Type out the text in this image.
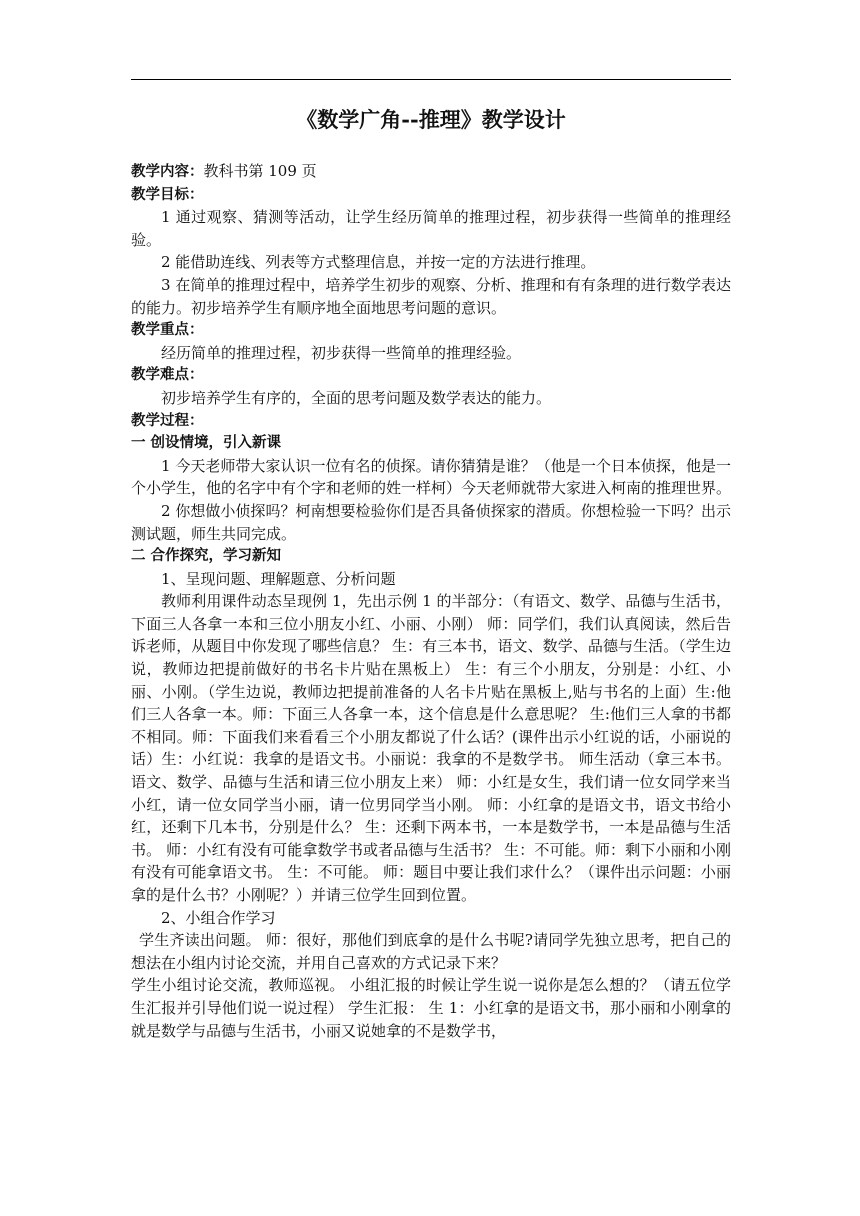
《数学广角--推理》教学设计

教学内容：教科书第 109 页

教学目标：

1 通过观察、猜测等活动，让学生经历简单的推理过程，初步获得一些简单的推理经验。

2 能借助连线、列表等方式整理信息，并按一定的方法进行推理。

3 在简单的推理过程中，培养学生初步的观察、分析、推理和有有条理的进行数学表达的能力。初步培养学生有顺序地全面地思考问题的意识。

教学重点：

经历简单的推理过程，初步获得一些简单的推理经验。

教学难点：

初步培养学生有序的，全面的思考问题及数学表达的能力。

教学过程：

一 创设情境，引入新课

1 今天老师带大家认识一位有名的侦探。请你猜猜是谁？（他是一个日本侦探，他是一个小学生，他的名字中有个字和老师的姓一样柯）今天老师就带大家进入柯南的推理世界。

2 你想做小侦探吗？柯南想要检验你们是否具备侦探家的潜质。你想检验一下吗？出示测试题，师生共同完成。

二 合作探究，学习新知

1、呈现问题、理解题意、分析问题

教师利用课件动态呈现例 1，先出示例 1 的半部分：（有语文、数学、品德与生活书，下面三人各拿一本和三位小朋友小红、小丽、小刚） 师：同学们，我们认真阅读，然后告诉老师，从题目中你发现了哪些信息？ 生：有三本书，语文、数学、品德与生活。（学生边说，教师边把提前做好的书名卡片贴在黑板上） 生：有三个小朋友，分别是：小红、小丽、小刚。（学生边说，教师边把提前准备的人名卡片贴在黑板上,贴与书名的上面）生:他们三人各拿一本。师：下面三人各拿一本，这个信息是什么意思呢？ 生:他们三人拿的书都不相同。师：下面我们来看看三个小朋友都说了什么话？(课件出示小红说的话，小丽说的话）生：小红说：我拿的是语文书。小丽说：我拿的不是数学书。 师生活动（拿三本书。语文、数学、品德与生活和请三位小朋友上来） 师：小红是女生，我们请一位女同学来当小红，请一位女同学当小丽，请一位男同学当小刚。 师：小红拿的是语文书，语文书给小红，还剩下几本书，分别是什么？ 生：还剩下两本书，一本是数学书，一本是品德与生活书。 师：小红有没有可能拿数学书或者品德与生活书？ 生：不可能。师：剩下小丽和小刚有没有可能拿语文书。 生：不可能。 师：题目中要让我们求什么？（课件出示问题：小丽拿的是什么书？小刚呢？）并请三位学生回到位置。

2、小组合作学习

学生齐读出问题。 师：很好，那他们到底拿的是什么书呢?请同学先独立思考，把自己的想法在小组内讨论交流，并用自己喜欢的方式记录下来？

学生小组讨论交流，教师巡视。 小组汇报的时候让学生说一说你是怎么想的？（请五位学生汇报并引导他们说一说过程） 学生汇报： 生 1：小红拿的是语文书，那小丽和小刚拿的 就是数学与品德与生活书，小丽又说她拿的不是数学书，
